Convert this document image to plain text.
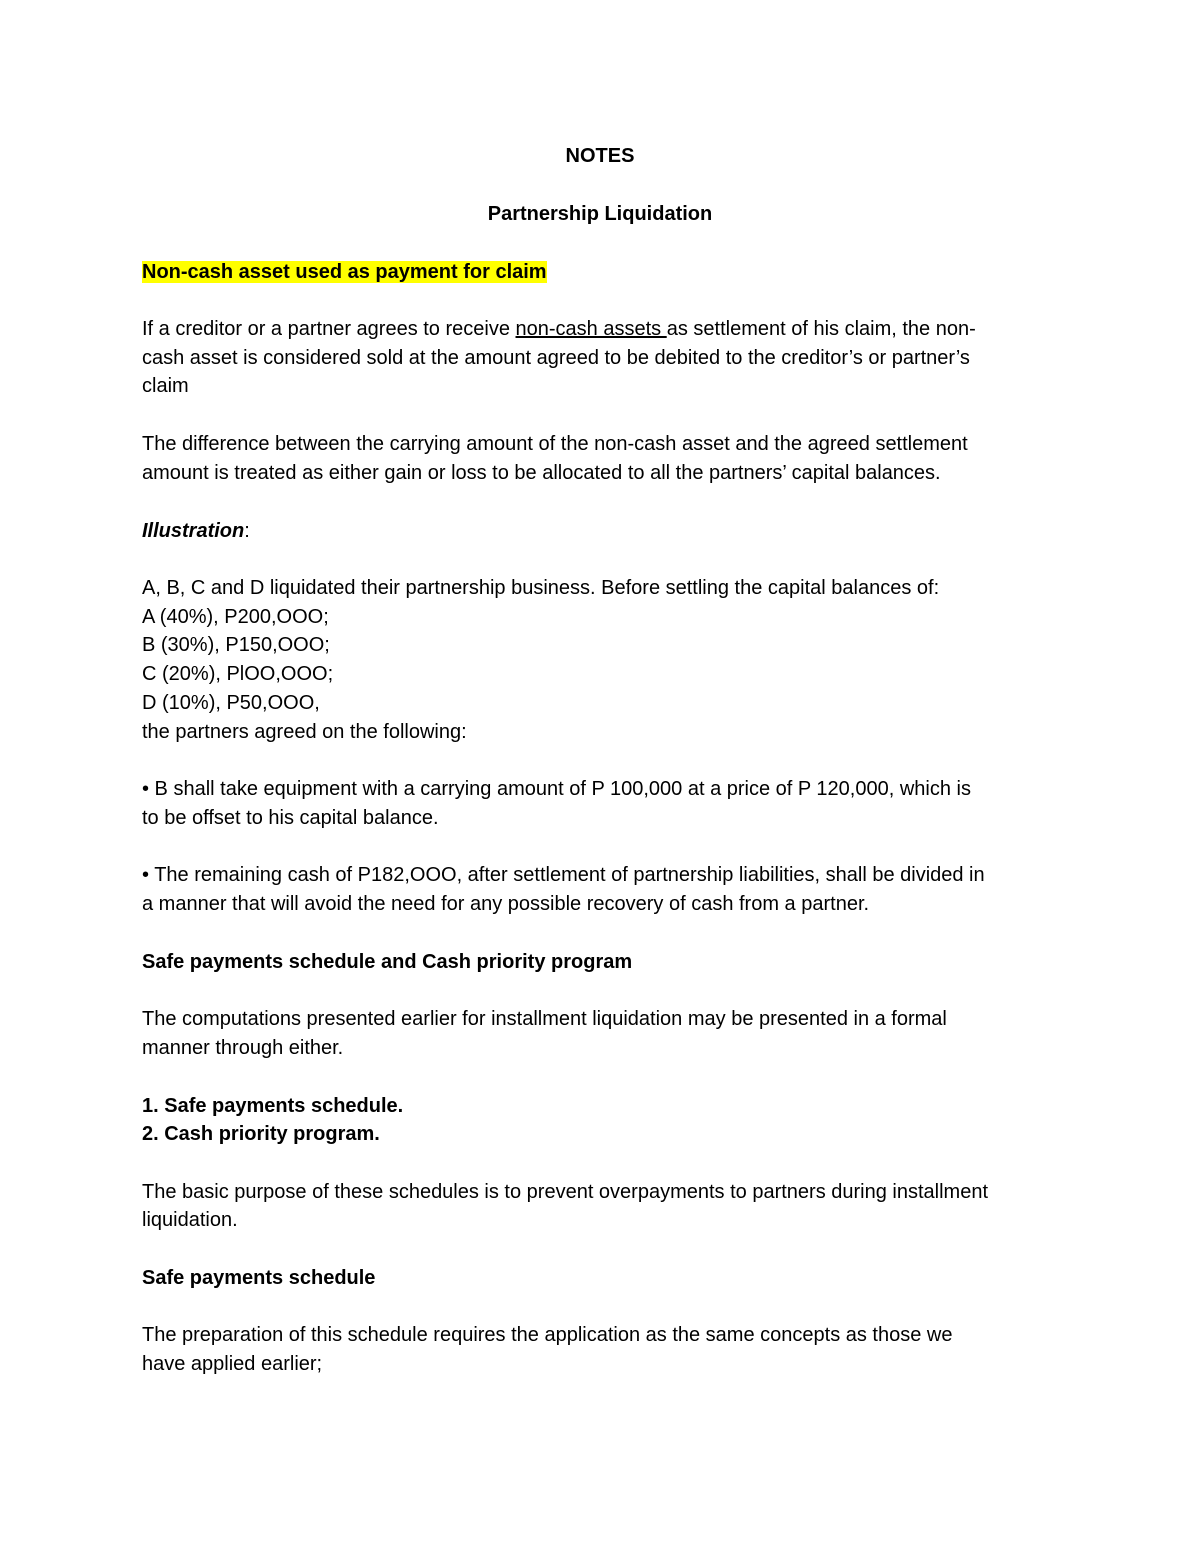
NOTES

Partnership Liquidation

Non-cash asset used as payment for claim

If a creditor or a partner agrees to receive non-cash assets as settlement of his claim, the non-

cash asset is considered sold at the amount agreed to be debited to the creditor’s or partner’s

claim

The difference between the carrying amount of the non-cash asset and the agreed settlement

amount is treated as either gain or loss to be allocated to all the partners’ capital balances.

Illustration:

A, B, C and D liquidated their partnership business. Before settling the capital balances of:

A (40%), P200,OOO;

B (30%), P150,OOO;

C (20%), PlOO,OOO;

D (10%), P50,OOO,

the partners agreed on the following:

• B shall take equipment with a carrying amount of P 100,000 at a price of P 120,000, which is

to be offset to his capital balance.

• The remaining cash of P182,OOO, after settlement of partnership liabilities, shall be divided in

a manner that will avoid the need for any possible recovery of cash from a partner.

Safe payments schedule and Cash priority program

The computations presented earlier for installment liquidation may be presented in a formal

manner through either.

1. Safe payments schedule.

2. Cash priority program.

The basic purpose of these schedules is to prevent overpayments to partners during installment

liquidation.

Safe payments schedule

The preparation of this schedule requires the application as the same concepts as those we

have applied earlier;
